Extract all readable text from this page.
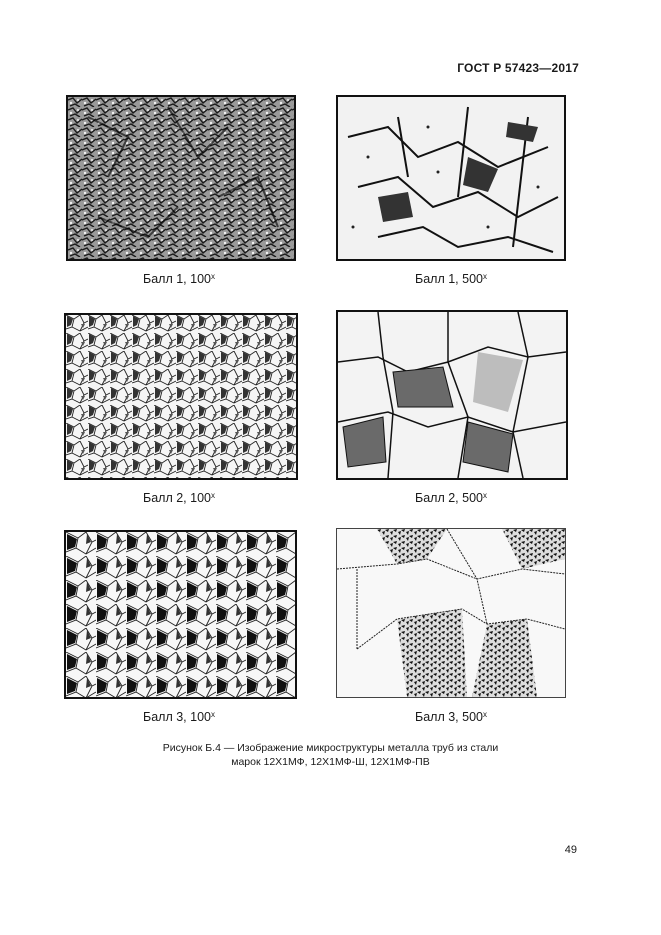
ГОСТ Р 57423—2017
Балл 1, $100^х$	Балл 1, $500^х$
Балл 2, $100^х$	Балл 2, $500^х$
Балл 3, $100^х$	Балл 3, $500^х$
Рисунок Б.4 — Изображение микроструктуры металла труб из стали
марок 12Х1МФ, 12Х1МФ-Ш, 12Х1МФ-ПВ
49
